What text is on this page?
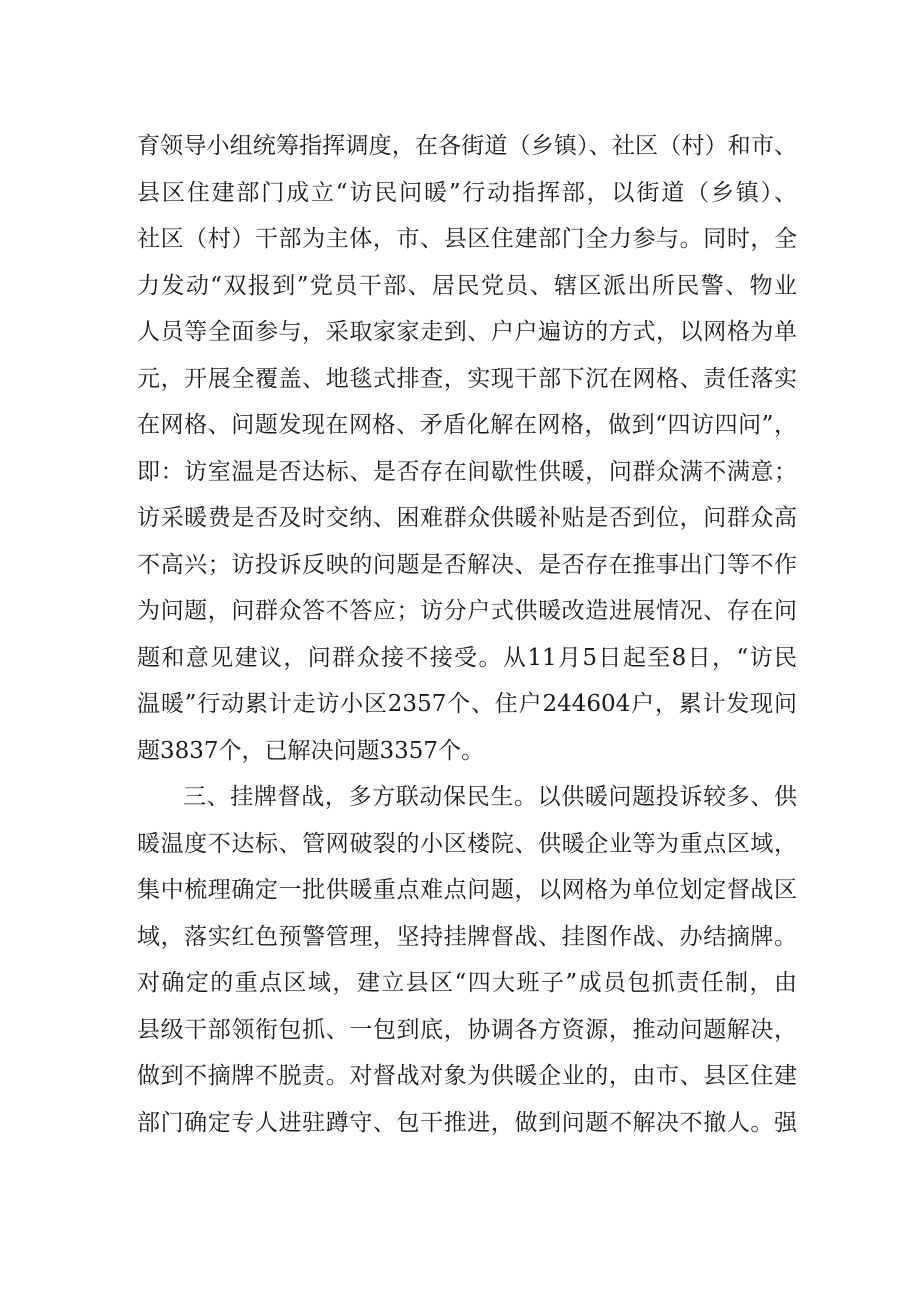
育领导小组统筹指挥调度，在各街道（乡镇）、社区（村）和市、
县区住建部门成立“访民问暖”行动指挥部，以街道（乡镇）、
社区（村）干部为主体，市、县区住建部门全力参与。同时，全
力发动“双报到”党员干部、居民党员、辖区派出所民警、物业
人员等全面参与，采取家家走到、户户遍访的方式，以网格为单
元，开展全覆盖、地毯式排查，实现干部下沉在网格、责任落实
在网格、问题发现在网格、矛盾化解在网格，做到“四访四问”，
即：访室温是否达标、是否存在间歇性供暖，问群众满不满意；
访采暖费是否及时交纳、困难群众供暖补贴是否到位，问群众高
不高兴；访投诉反映的问题是否解决、是否存在推事出门等不作
为问题，问群众答不答应；访分户式供暖改造进展情况、存在问
题和意见建议，问群众接不接受。从11月5日起至8日，“访民
温暖”行动累计走访小区2357个、住户244604户，累计发现问
题3837个，已解决问题3357个。
三、挂牌督战，多方联动保民生。以供暖问题投诉较多、供
暖温度不达标、管网破裂的小区楼院、供暖企业等为重点区域，
集中梳理确定一批供暖重点难点问题，以网格为单位划定督战区
域，落实红色预警管理，坚持挂牌督战、挂图作战、办结摘牌。
对确定的重点区域，建立县区“四大班子”成员包抓责任制，由
县级干部领衔包抓、一包到底，协调各方资源，推动问题解决，
做到不摘牌不脱责。对督战对象为供暖企业的，由市、县区住建
部门确定专人进驻蹲守、包干推进，做到问题不解决不撤人。强
